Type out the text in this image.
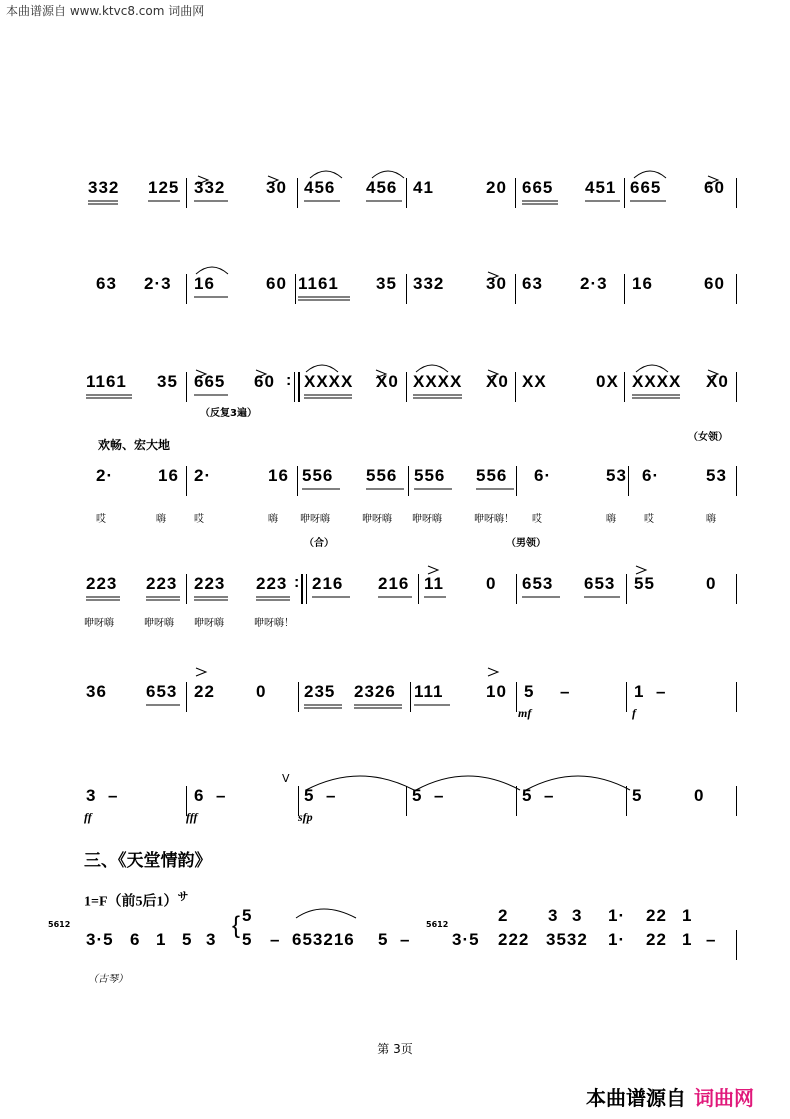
本曲谱源自 www.ktvc8.com 词曲网
332 125 332 30 456 456 41	20 665 451 665	60
63 2·3 16	60 1161 35 332 30 63 2·3 16	60
1161 35 665 60 : XXXX X0 XXXX X0 XX	0X XXXX X0
（反复3遍）
欢畅、宏大地
（女领）
2·	16 2·	16 556 556 556 556 6·	53 6·	53
哎	嗨	哎	嗨 咿呀嗨	咿呀嗨 咿呀嗨	咿呀嗨！ 哎	嗨	哎	嗨
（合）	（男领）
223 223 223 223 : 216 216 11 0 653 653 55	0
咿呀嗨	咿呀嗨 咿呀嗨	咿呀嗨！
36 653 22 0 235 2326 111	10 5 –	1 –
mf	f
3 –	6 –
V
5 –	5 –	5 –	5	0
ff	fff	sfp
三、《天堂情韵》
1=F（前5后1）$^サ$
5	2 3 3 1· 22 1
5612
3·5 6 1 5 3
{
5 – 653216 5 –
5612
3·5 222 3532 1· 22 1 –
（古琴）
第 3页
本曲谱源自 词曲网
